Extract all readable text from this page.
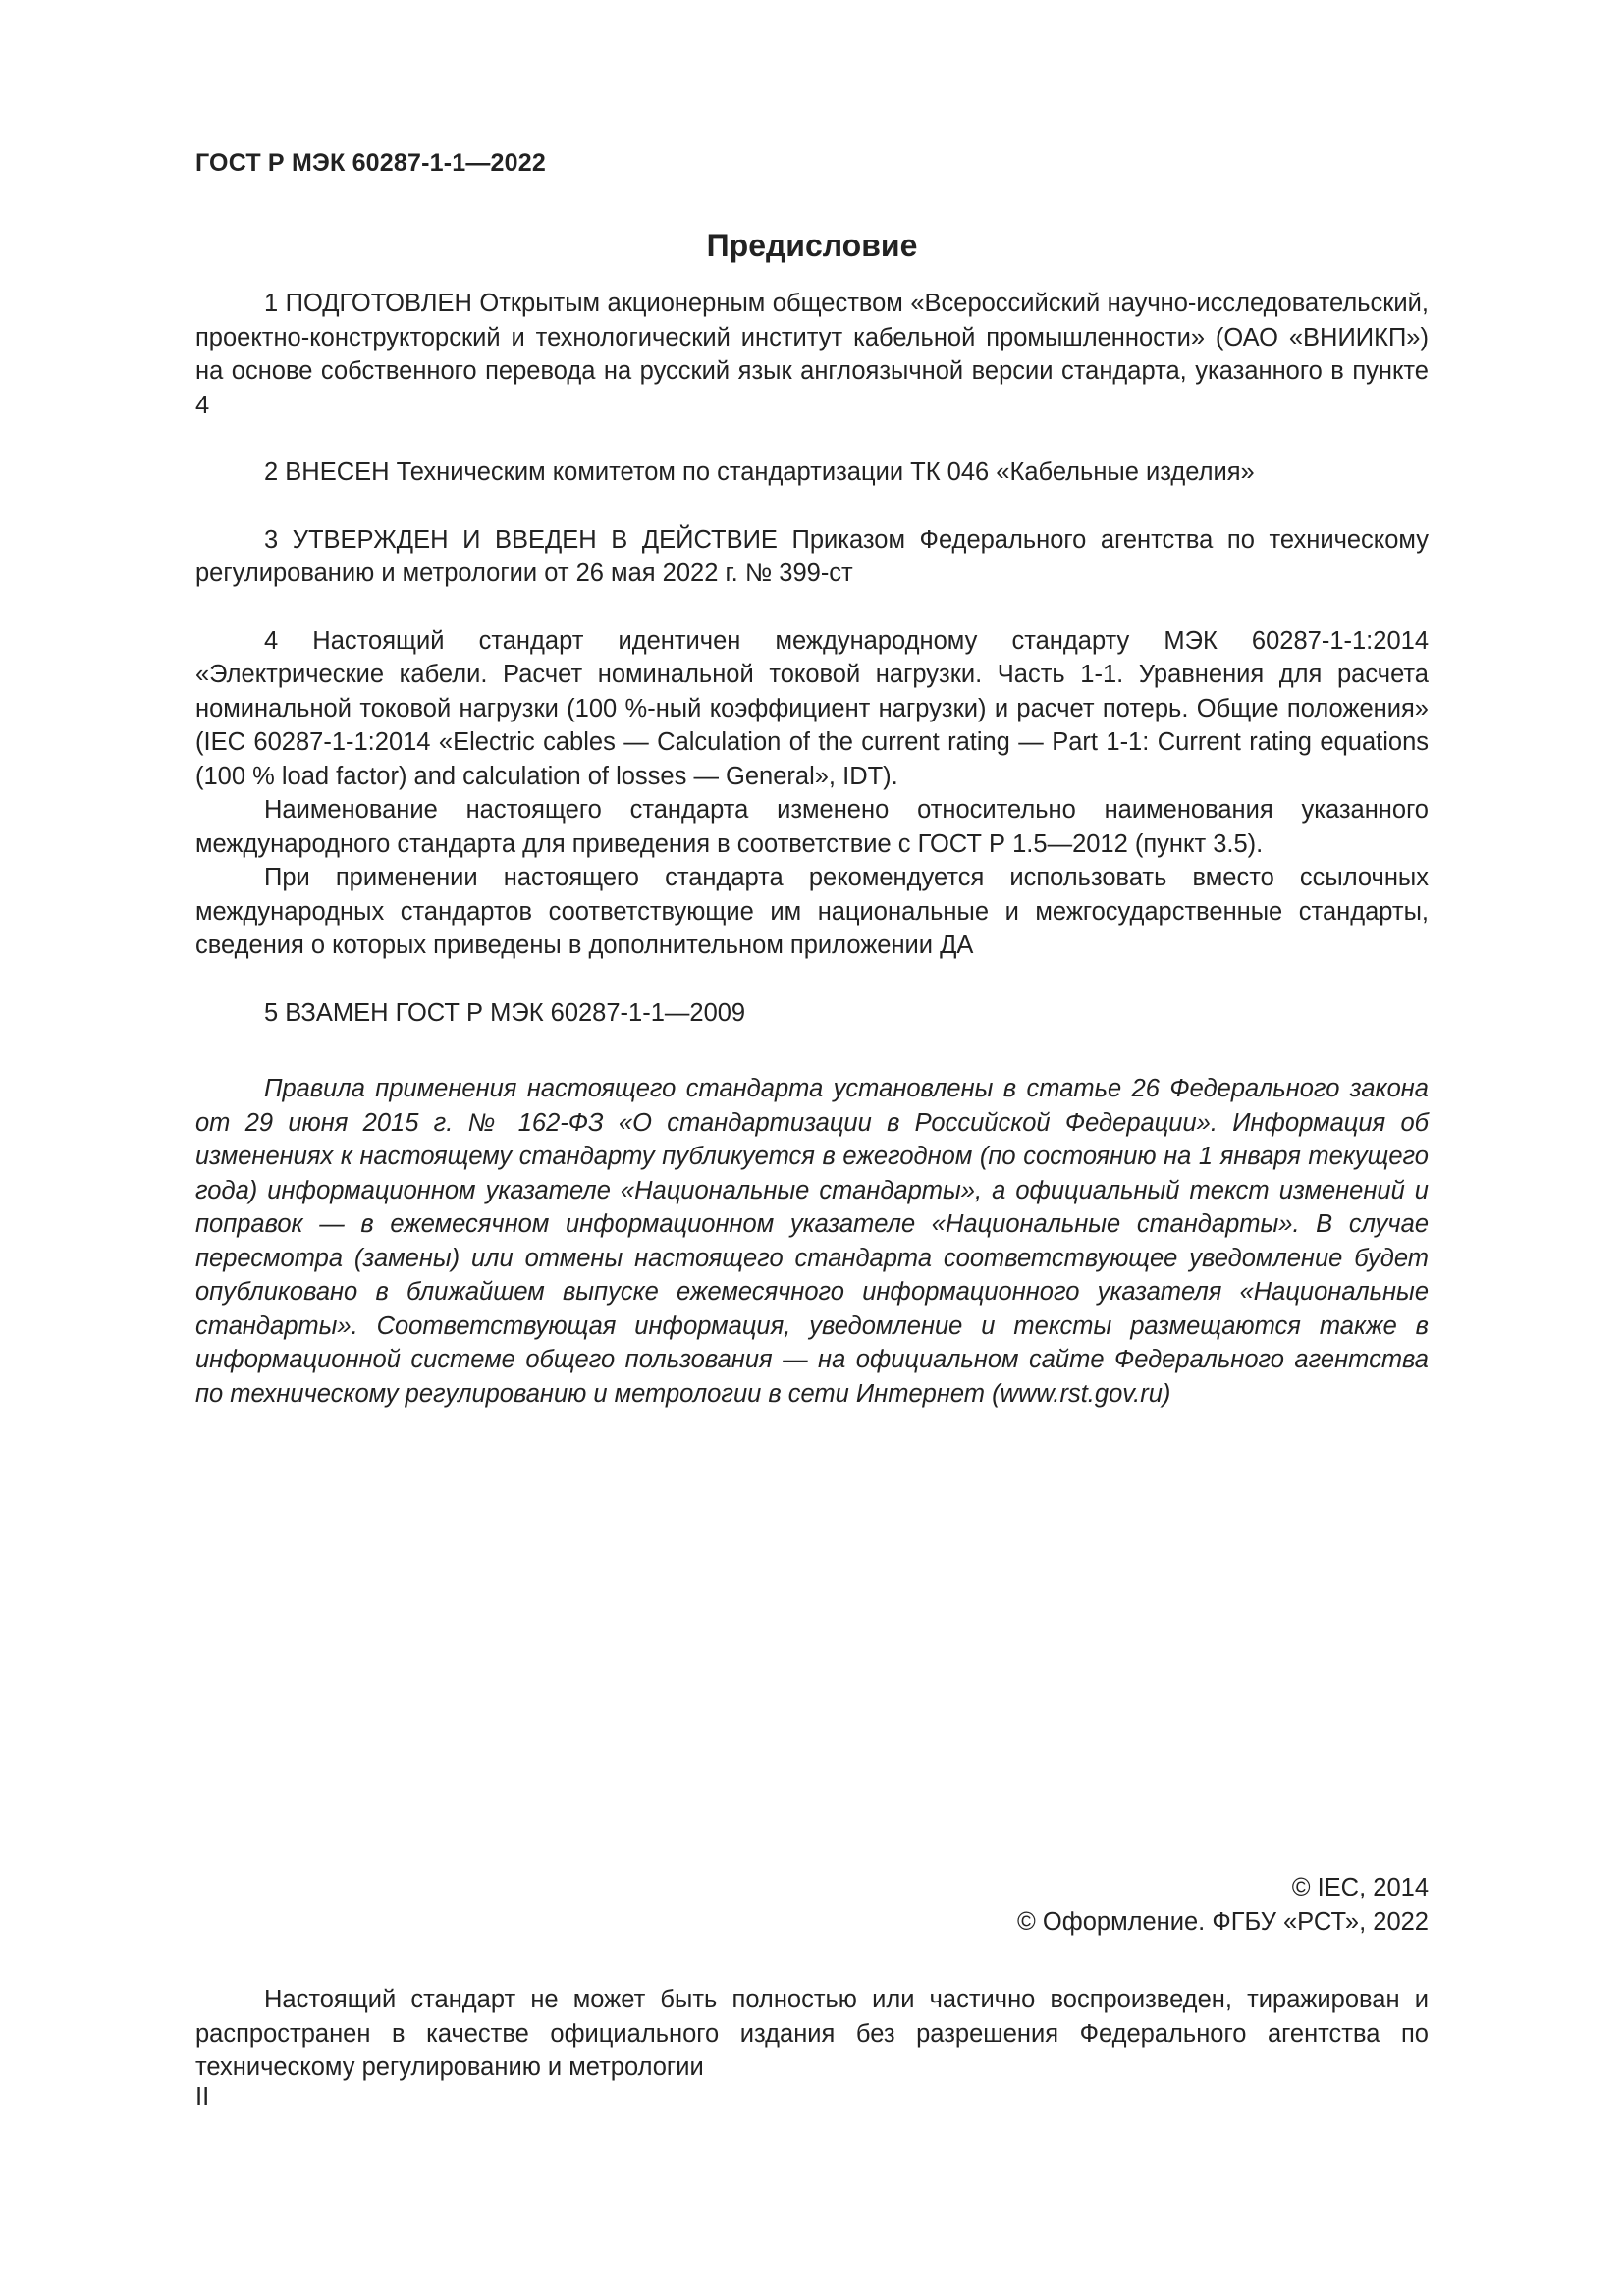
ГОСТ Р МЭК 60287-1-1—2022
Предисловие

1 ПОДГОТОВЛЕН Открытым акционерным обществом «Всероссийский научно-исследовательский, проектно-конструкторский и технологический институт кабельной промышленности» (ОАО «ВНИИКП») на основе собственного перевода на русский язык англоязычной версии стандарта, указанного в пункте 4

2 ВНЕСЕН Техническим комитетом по стандартизации ТК 046 «Кабельные изделия»

3 УТВЕРЖДЕН И ВВЕДЕН В ДЕЙСТВИЕ Приказом Федерального агентства по техническому регулированию и метрологии от 26 мая 2022 г. № 399-ст

4 Настоящий стандарт идентичен международному стандарту МЭК 60287-1-1:2014 «Электрические кабели. Расчет номинальной токовой нагрузки. Часть 1-1. Уравнения для расчета номинальной токовой нагрузки (100 %-ный коэффициент нагрузки) и расчет потерь. Общие положения» (IEC 60287-1-1:2014 «Electric cables — Calculation of the current rating — Part 1-1: Current rating equations (100 % load factor) and calculation of losses — General», IDT).

Наименование настоящего стандарта изменено относительно наименования указанного международного стандарта для приведения в соответствие с ГОСТ Р 1.5—2012 (пункт 3.5).

При применении настоящего стандарта рекомендуется использовать вместо ссылочных международных стандартов соответствующие им национальные и межгосударственные стандарты, сведения о которых приведены в дополнительном приложении ДА

5 ВЗАМЕН ГОСТ Р МЭК 60287-1-1—2009

Правила применения настоящего стандарта установлены в статье 26 Федерального закона от 29 июня 2015 г. № 162-ФЗ «О стандартизации в Российской Федерации». Информация об изменениях к настоящему стандарту публикуется в ежегодном (по состоянию на 1 января текущего года) информационном указателе «Национальные стандарты», а официальный текст изменений и поправок — в ежемесячном информационном указателе «Национальные стандарты». В случае пересмотра (замены) или отмены настоящего стандарта соответствующее уведомление будет опубликовано в ближайшем выпуске ежемесячного информационного указателя «Национальные стандарты». Соответствующая информация, уведомление и тексты размещаются также в информационной системе общего пользования — на официальном сайте Федерального агентства по техническому регулированию и метрологии в сети Интернет (www.rst.gov.ru)

© IEC, 2014
© Оформление. ФГБУ «РСТ», 2022

Настоящий стандарт не может быть полностью или частично воспроизведен, тиражирован и распространен в качестве официального издания без разрешения Федерального агентства по техническому регулированию и метрологии

II
